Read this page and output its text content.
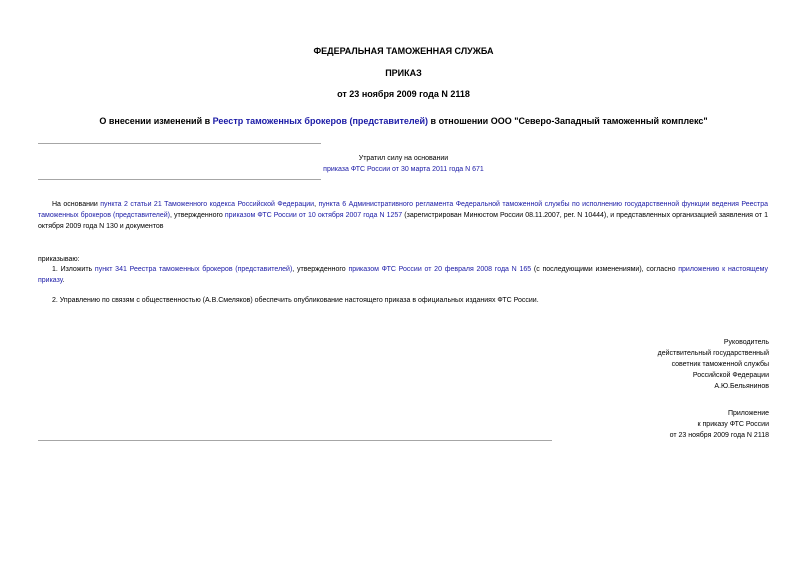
ФЕДЕРАЛЬНАЯ ТАМОЖЕННАЯ СЛУЖБА
ПРИКАЗ
от 23 ноября 2009 года N 2118
О внесении изменений в Реестр таможенных брокеров (представителей) в отношении ООО "Северо-Западный таможенный комплекс"
Утратил силу на основании
приказа ФТС России от 30 марта 2011 года N 671
На основании пункта 2 статьи 21 Таможенного кодекса Российской Федерации, пункта 6 Административного регламента Федеральной таможенной службы по исполнению государственной функции ведения Реестра таможенных брокеров (представителей), утвержденного приказом ФТС России от 10 октября 2007 года N 1257 (зарегистрирован Минюстом России 08.11.2007, рег. N 10444), и представленных организацией заявления от 1 октября 2009 года N 130 и документов
приказываю:
1. Изложить пункт 341 Реестра таможенных брокеров (представителей), утвержденного приказом ФТС России от 20 февраля 2008 года N 165 (с последующими изменениями), согласно приложению к настоящему приказу.
2. Управлению по связям с общественностью (А.В.Смеляков) обеспечить опубликование настоящего приказа в официальных изданиях ФТС России.
Руководитель
действительный государственный
советник таможенной службы
Российской Федерации
А.Ю.Бельянинов
Приложение
к приказу ФТС России
от 23 ноября 2009 года N 2118
